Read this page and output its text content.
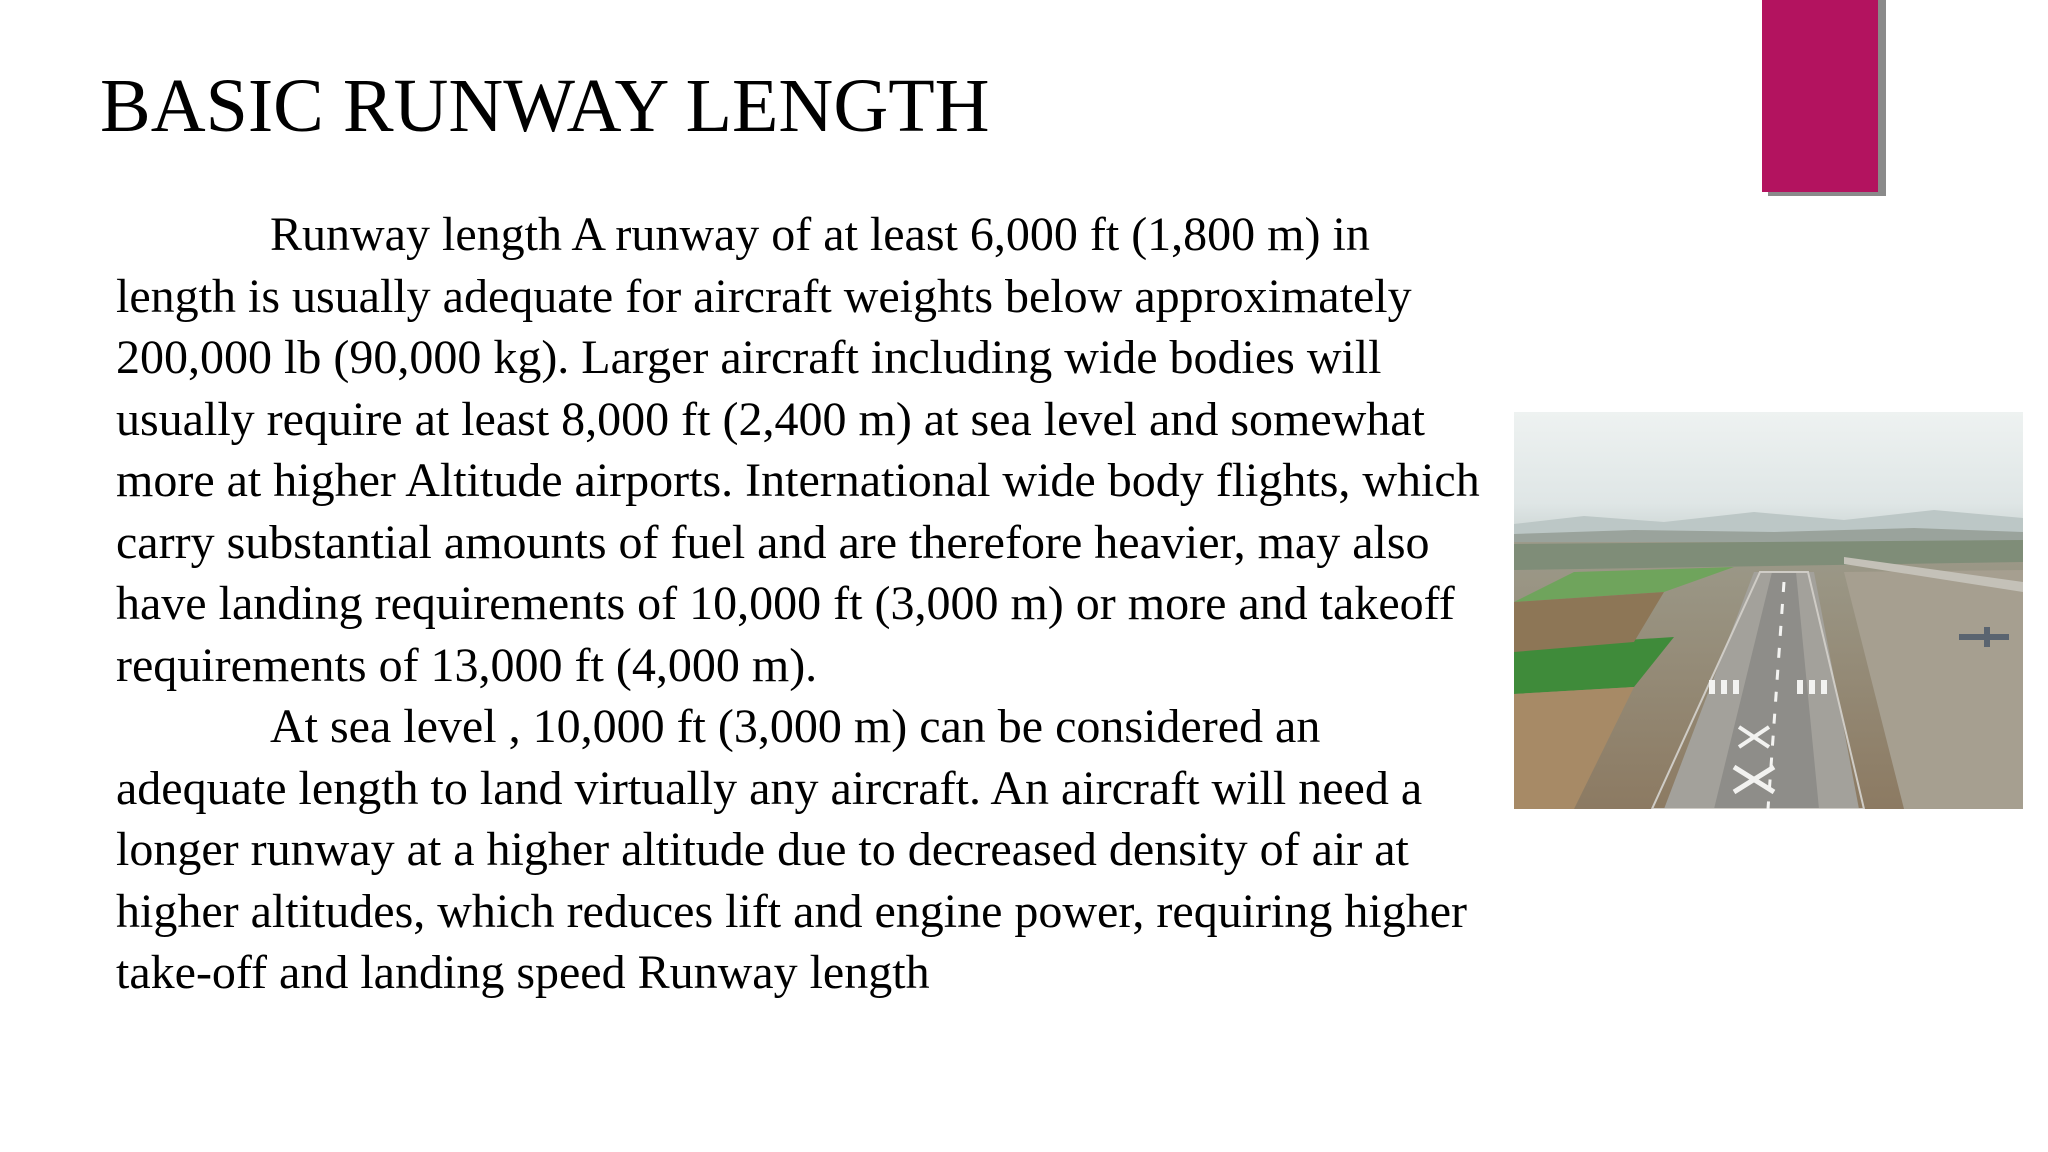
BASIC RUNWAY LENGTH

Runway length A runway of at least 6,000 ft (1,800 m) in length is usually adequate for aircraft weights below approximately 200,000 lb (90,000 kg). Larger aircraft including wide bodies will usually require at least 8,000 ft (2,400 m) at sea level and somewhat more at higher Altitude airports. International wide body flights, which carry substantial amounts of fuel and are therefore heavier, may also have landing requirements of 10,000 ft (3,000 m) or more and takeoff requirements of 13,000 ft (4,000 m).

At sea level , 10,000 ft (3,000 m) can be considered an adequate length to land virtually any aircraft. An aircraft will need a longer runway at a higher altitude due to decreased density of air at higher altitudes, which reduces lift and engine power, requiring higher take-off and landing speed Runway length
